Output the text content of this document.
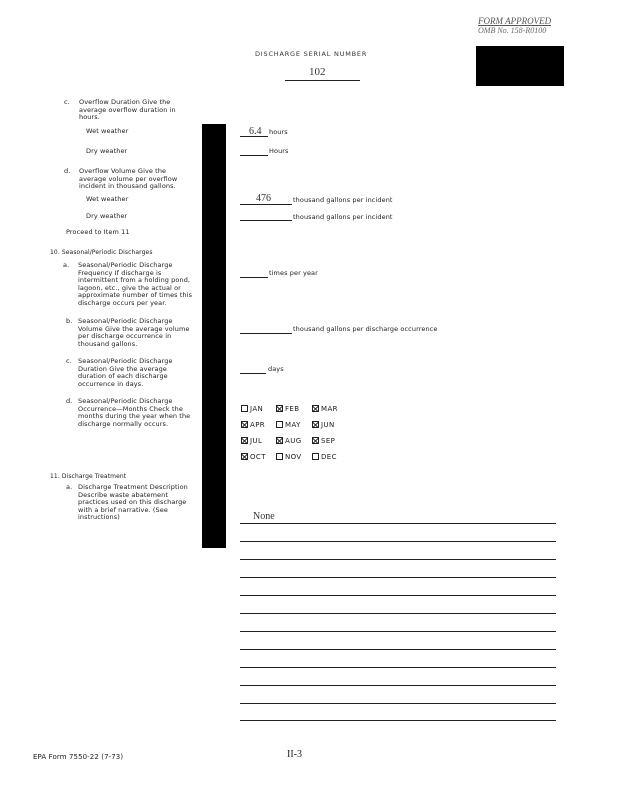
FORM APPROVED
OMB No. 158-R0100
DISCHARGE SERIAL NUMBER
102
c. Overflow Duration Give the average overflow duration in hours.
Wet weather	6.4 hours
Dry weather	Hours
d. Overflow Volume Give the average volume per overflow incident in thousand gallons.
Wet weather	476	thousand gallons per incident
Dry weather	thousand gallons per incident
Proceed to Item 11
10. Seasonal/Periodic Discharges
a. Seasonal/Periodic Discharge Frequency If discharge is intermittent from a holding pond, lagoon, etc., give the actual or approximate number of times this discharge occurs per year.
times per year
b. Seasonal/Periodic Discharge Volume Give the average volume per discharge occurrence in thousand gallons.
thousand gallons per discharge occurrence
c. Seasonal/Periodic Discharge Duration Give the average duration of each discharge occurrence in days.
days
d. Seasonal/Periodic Discharge Occurrence—Months Check the months during the year when the discharge normally occurs.
JAN	FEB	MAR
APR	MAY	JUN
JUL	AUG	SEP
OCT	NOV	DEC
11. Discharge Treatment
a. Discharge Treatment Description Describe waste abatement practices used on this discharge with a brief narrative. (See instructions)	None
EPA Form 7550-22 (7-73)	II-3
